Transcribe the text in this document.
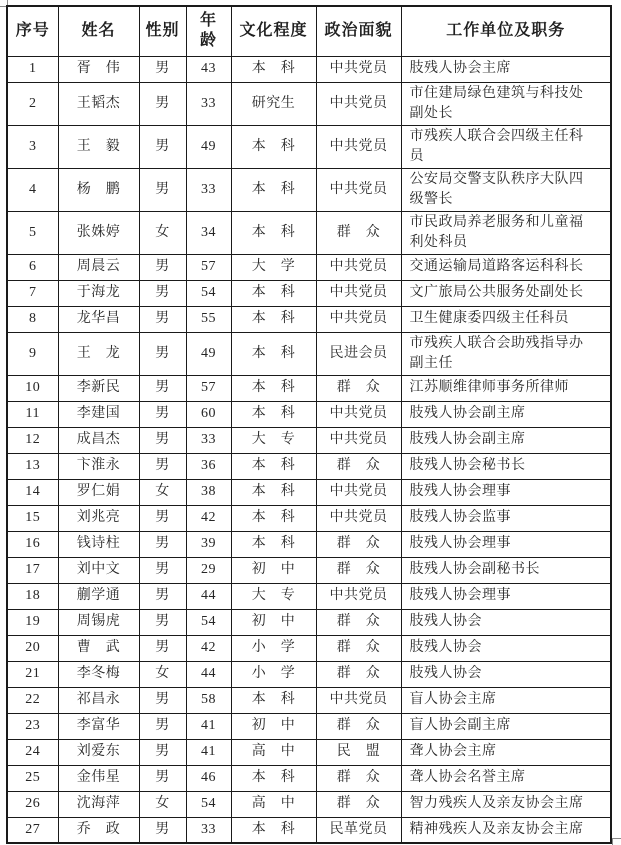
序号	姓名	性别	年龄	文化程度	政治面貌	工作单位及职务
1	胥　伟	男	43	本　科	中共党员	肢残人协会主席
2	王韬杰	男	33	研究生	中共党员	市住建局绿色建筑与科技处副处长
3	王　毅	男	49	本　科	中共党员	市残疾人联合会四级主任科员
4	杨　鹏	男	33	本　科	中共党员	公安局交警支队秩序大队四级警长
5	张姝婷	女	34	本　科	群　众	市民政局养老服务和儿童福利处科员
6	周晨云	男	57	大　学	中共党员	交通运输局道路客运科科长
7	于海龙	男	54	本　科	中共党员	文广旅局公共服务处副处长
8	龙华昌	男	55	本　科	中共党员	卫生健康委四级主任科员
9	王　龙	男	49	本　科	民进会员	市残疾人联合会助残指导办副主任
10	李新民	男	57	本　科	群　众	江苏顺维律师事务所律师
11	李建国	男	60	本　科	中共党员	肢残人协会副主席
12	成昌杰	男	33	大　专	中共党员	肢残人协会副主席
13	卞淮永	男	36	本　科	群　众	肢残人协会秘书长
14	罗仁娟	女	38	本　科	中共党员	肢残人协会理事
15	刘兆亮	男	42	本　科	中共党员	肢残人协会监事
16	钱诗柱	男	39	本　科	群　众	肢残人协会理事
17	刘中文	男	29	初　中	群　众	肢残人协会副秘书长
18	蒯学通	男	44	大　专	中共党员	肢残人协会理事
19	周锡虎	男	54	初　中	群　众	肢残人协会
20	曹　武	男	42	小　学	群　众	肢残人协会
21	李冬梅	女	44	小　学	群　众	肢残人协会
22	祁昌永	男	58	本　科	中共党员	盲人协会主席
23	李富华	男	41	初　中	群　众	盲人协会副主席
24	刘爱东	男	41	高　中	民　盟	聋人协会主席
25	金伟星	男	46	本　科	群　众	聋人协会名誉主席
26	沈海萍	女	54	高　中	群　众	智力残疾人及亲友协会主席
27	乔　政	男	33	本　科	民革党员	精神残疾人及亲友协会主席
